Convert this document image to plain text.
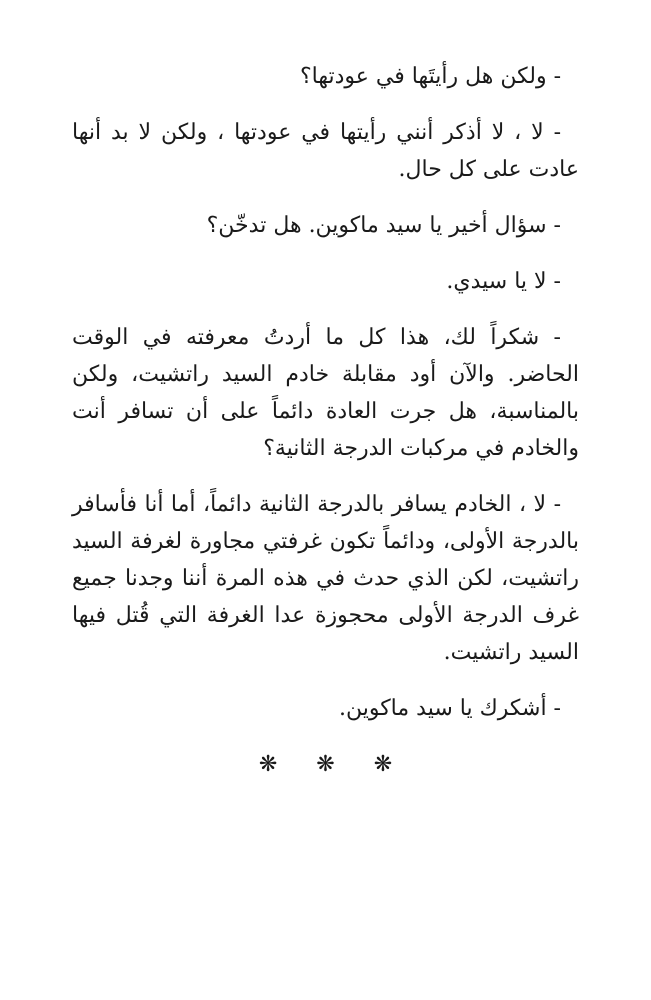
- ولكن هل رأيتَها في عودتها؟

- لا ، لا أذكر أنني رأيتها في عودتها ، ولكن لا بد أنها عادت على كل حال.

- سؤال أخير يا سيد ماكوين. هل تدخّن؟

- لا يا سيدي.

- شكراً لك، هذا كل ما أردتُ معرفته في الوقت الحاضر. والآن أود مقابلة خادم السيد راتشيت، ولكن بالمناسبة، هل جرت العادة دائماً على أن تسافر أنت والخادم في مركبات الدرجة الثانية؟

- لا ، الخادم يسافر بالدرجة الثانية دائماً، أما أنا فأسافر بالدرجة الأولى، ودائماً تكون غرفتي مجاورة لغرفة السيد راتشيت، لكن الذي حدث في هذه المرة أننا وجدنا جميع غرف الدرجة الأولى محجوزة عدا الغرفة التي قُتل فيها السيد راتشيت.

- أشكرك يا سيد ماكوين.

❋ ❋ ❋
